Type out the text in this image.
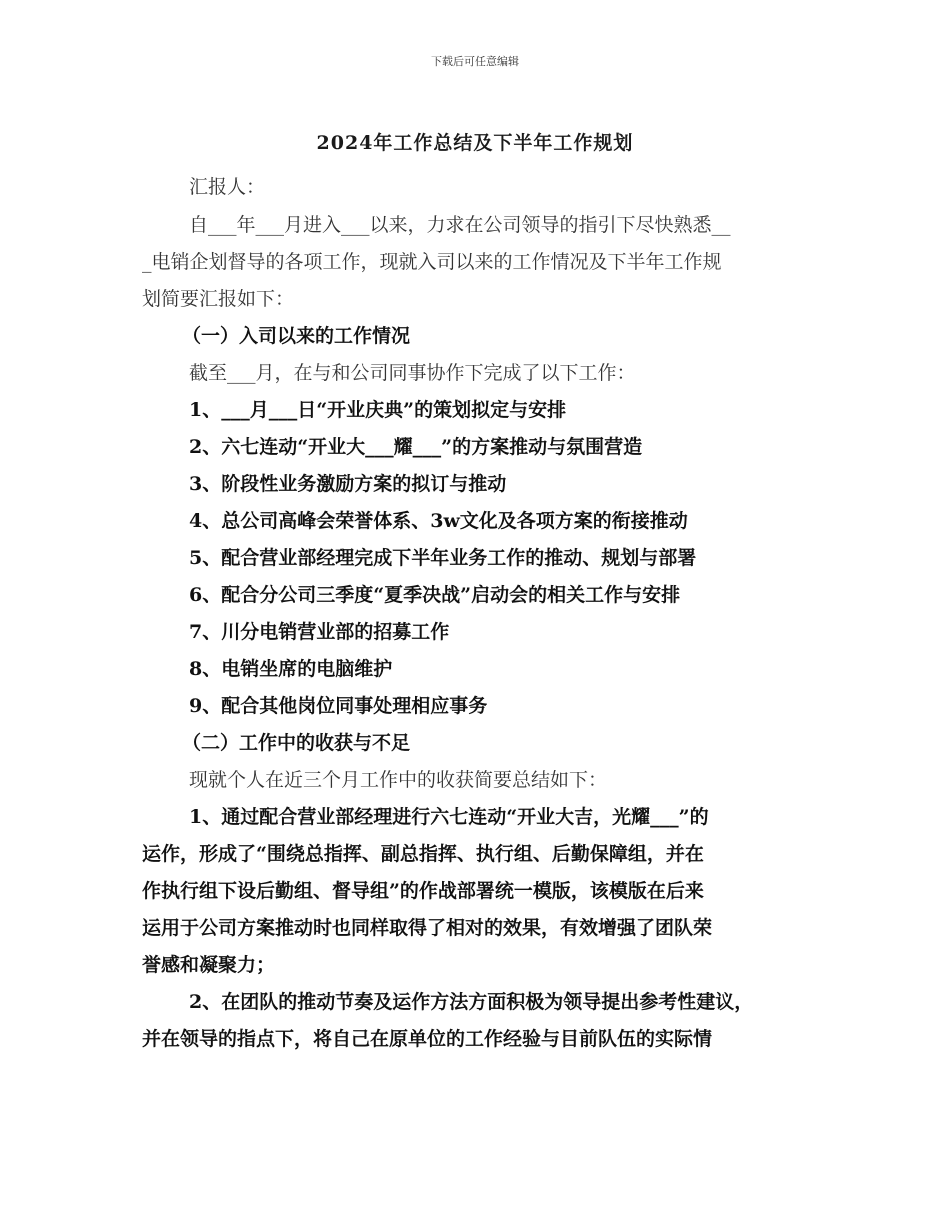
下载后可任意编辑
2024年工作总结及下半年工作规划
汇报人：
自___年___月进入___以来，力求在公司领导的指引下尽快熟悉__
_电销企划督导的各项工作，现就入司以来的工作情况及下半年工作规
划简要汇报如下：
（一）入司以来的工作情况
截至___月，在与和公司同事协作下完成了以下工作：
1、___月___日“开业庆典”的策划拟定与安排
2、六七连动“开业大___耀___”的方案推动与氛围营造
3、阶段性业务激励方案的拟订与推动
4、总公司高峰会荣誉体系、3w文化及各项方案的衔接推动
5、配合营业部经理完成下半年业务工作的推动、规划与部署
6、配合分公司三季度“夏季决战”启动会的相关工作与安排
7、川分电销营业部的招募工作
8、电销坐席的电脑维护
9、配合其他岗位同事处理相应事务
（二）工作中的收获与不足
现就个人在近三个月工作中的收获简要总结如下：
1、通过配合营业部经理进行六七连动“开业大吉，光耀___”的
运作，形成了“围绕总指挥、副总指挥、执行组、后勤保障组，并在
作执行组下设后勤组、督导组”的作战部署统一模版，该模版在后来
运用于公司方案推动时也同样取得了相对的效果，有效增强了团队荣
誉感和凝聚力；
2、在团队的推动节奏及运作方法方面积极为领导提出参考性建议，
并在领导的指点下，将自己在原单位的工作经验与目前队伍的实际情
